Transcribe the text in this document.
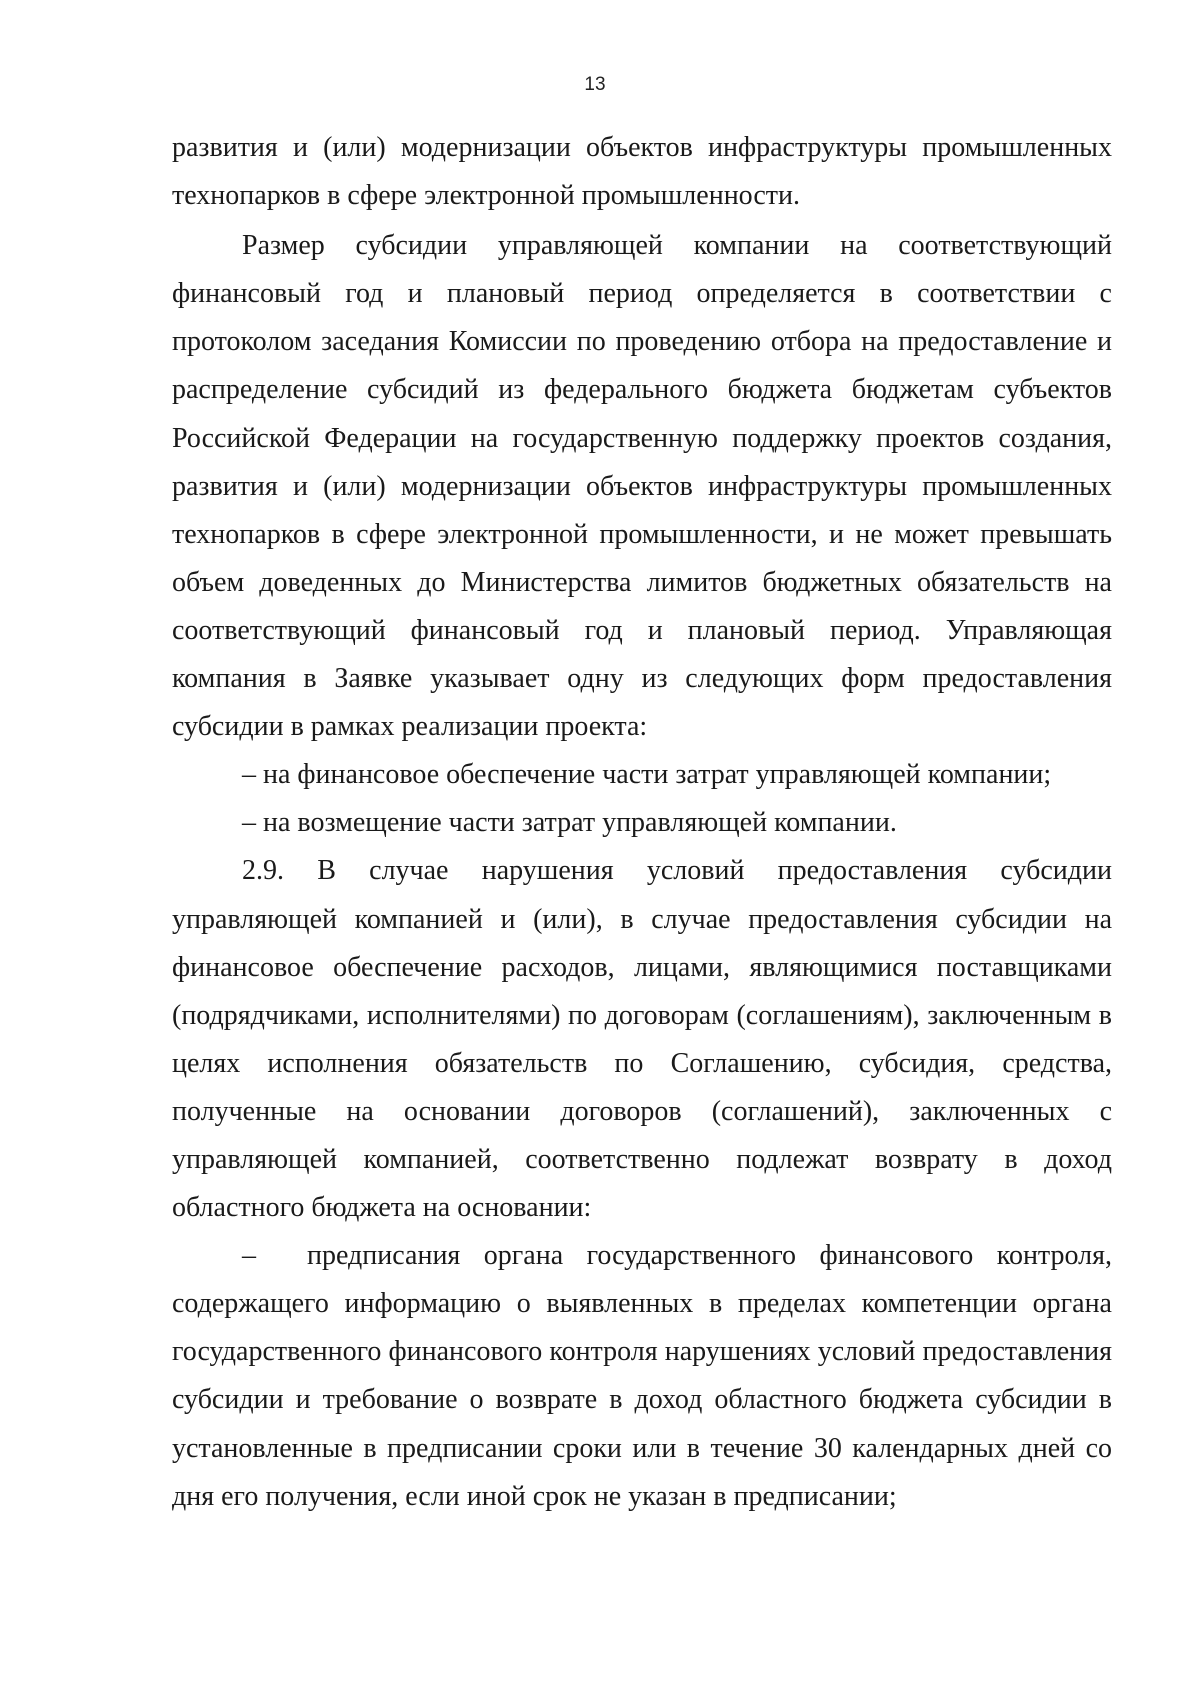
13

развития и (или) модернизации объектов инфраструктуры промышленных технопарков в сфере электронной промышленности.

Размер субсидии управляющей компании на соответствующий финансовый год и плановый период определяется в соответствии с протоколом заседания Комиссии по проведению отбора на предоставление и распределение субсидий из федерального бюджета бюджетам субъектов Российской Федерации на государственную поддержку проектов создания, развития и (или) модернизации объектов инфраструктуры промышленных технопарков в сфере электронной промышленности, и не может превышать объем доведенных до Министерства лимитов бюджетных обязательств на соответствующий финансовый год и плановый период. Управляющая компания в Заявке указывает одну из следующих форм предоставления субсидии в рамках реализации проекта:

– на финансовое обеспечение части затрат управляющей компании;

– на возмещение части затрат управляющей компании.

2.9. В случае нарушения условий предоставления субсидии управляющей компанией и (или), в случае предоставления субсидии на финансовое обеспечение расходов, лицами, являющимися поставщиками (подрядчиками, исполнителями) по договорам (соглашениям), заключенным в целях исполнения обязательств по Соглашению, субсидия, средства, полученные на основании договоров (соглашений), заключенных с управляющей компанией, соответственно подлежат возврату в доход областного бюджета на основании:

– предписания органа государственного финансового контроля, содержащего информацию о выявленных в пределах компетенции органа государственного финансового контроля нарушениях условий предоставления субсидии и требование о возврате в доход областного бюджета субсидии в установленные в предписании сроки или в течение 30 календарных дней со дня его получения, если иной срок не указан в предписании;
